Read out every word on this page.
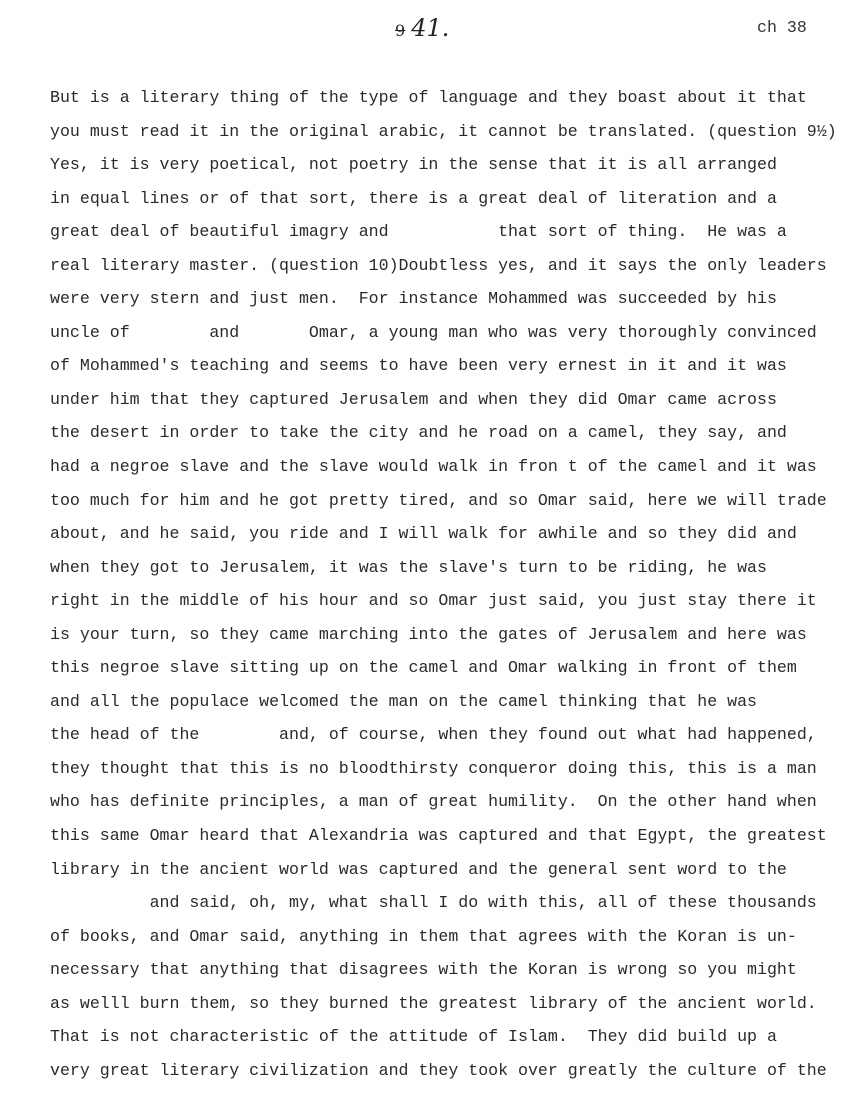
9 41.	ch 38
But is a literary thing of the type of language and they boast about it that
you must read it in the original arabic, it cannot be translated. (question 9½)
Yes, it is very poetical, not poetry in the sense that it is all arranged
in equal lines or of that sort, there is a great deal of literation and a
great deal of beautiful imagry and           that sort of thing.  He was a
real literary master. (question 10)Doubtless yes, and it says the only leaders
were very stern and just men.  For instance Mohammed was succeeded by his
uncle of        and       Omar, a young man who was very thoroughly convinced
of Mohammed's teaching and seems to have been very ernest in it and it was
under him that they captured Jerusalem and when they did Omar came across
the desert in order to take the city and he road on a camel, they say, and
had a negroe slave and the slave would walk in fron t of the camel and it was
too much for him and he got pretty tired, and so Omar said, here we will trade
about, and he said, you ride and I will walk for awhile and so they did and
when they got to Jerusalem, it was the slave's turn to be riding, he was
right in the middle of his hour and so Omar just said, you just stay there it
is your turn, so they came marching into the gates of Jerusalem and here was
this negroe slave sitting up on the camel and Omar walking in front of them
and all the populace welcomed the man on the camel thinking that he was
the head of the        and, of course, when they found out what had happened,
they thought that this is no bloodthirsty conqueror doing this, this is a man
who has definite principles, a man of great humility.  On the other hand when
this same Omar heard that Alexandria was captured and that Egypt, the greatest
library in the ancient world was captured and the general sent word to the
and said, oh, my, what shall I do with this, all of these thousands
of books, and Omar said, anything in them that agrees with the Koran is un-
necessary that anything that disagrees with the Koran is wrong so you might
as welll burn them, so they burned the greatest library of the ancient world.
That is not characteristic of the attitude of Islam.  They did build up a
very great literary civilization and they took over greatly the culture of the
